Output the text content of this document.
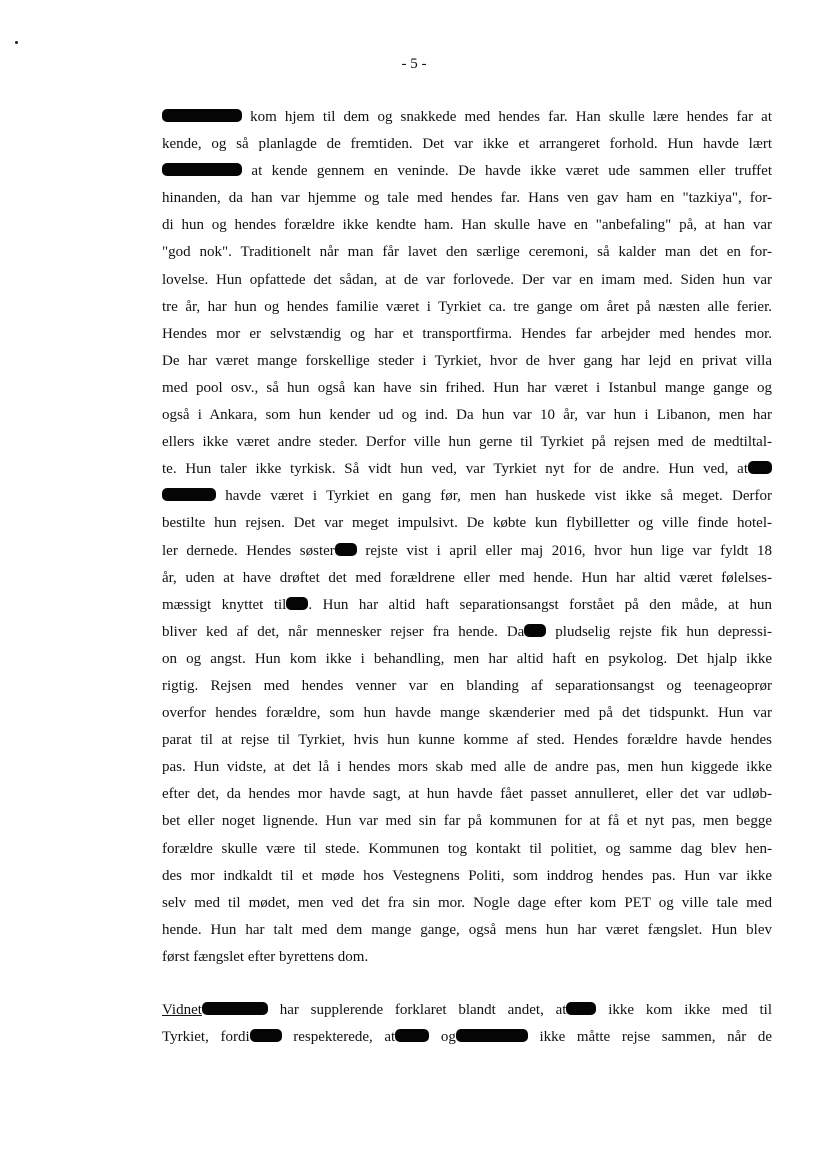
- 5 -
kom hjem til dem og snakkede med hendes far. Han skulle lære hendes far at
kende, og så planlagde de fremtiden. Det var ikke et arrangeret forhold. Hun havde lært
at kende gennem en veninde. De havde ikke været ude sammen eller truffet
hinanden, da han var hjemme og tale med hendes far. Hans ven gav ham en "tazkiya", for-
di hun og hendes forældre ikke kendte ham. Han skulle have en "anbefaling" på, at han var
"god nok". Traditionelt når man får lavet den særlige ceremoni, så kalder man det en for-
lovelse. Hun opfattede det sådan, at de var forlovede. Der var en imam med. Siden hun var
tre år, har hun og hendes familie været i Tyrkiet ca. tre gange om året på næsten alle ferier.
Hendes mor er selvstændig og har et transportfirma. Hendes far arbejder med hendes mor.
De har været mange forskellige steder i Tyrkiet, hvor de hver gang har lejd en privat villa
med pool osv., så hun også kan have sin frihed. Hun har været i Istanbul mange gange og
også i Ankara, som hun kender ud og ind. Da hun var 10 år, var hun i Libanon, men har
ellers ikke været andre steder. Derfor ville hun gerne til Tyrkiet på rejsen med de medtiltal-
te. Hun taler ikke tyrkisk. Så vidt hun ved, var Tyrkiet nyt for de andre. Hun ved, at
havde været i Tyrkiet en gang før, men han huskede vist ikke så meget. Derfor
bestilte hun rejsen. Det var meget impulsivt. De købte kun flybilletter og ville finde hotel-
ler dernede. Hendes søster rejste vist i april eller maj 2016, hvor hun lige var fyldt 18
år, uden at have drøftet det med forældrene eller med hende. Hun har altid været følelses-
mæssigt knyttet til . Hun har altid haft separationsangst forstået på den måde, at hun
bliver ked af det, når mennesker rejser fra hende. Da pludselig rejste fik hun depressi-
on og angst. Hun kom ikke i behandling, men har altid haft en psykolog. Det hjalp ikke
rigtig. Rejsen med hendes venner var en blanding af separationsangst og teenageoprør
overfor hendes forældre, som hun havde mange skænderier med på det tidspunkt. Hun var
parat til at rejse til Tyrkiet, hvis hun kunne komme af sted. Hendes forældre havde hendes
pas. Hun vidste, at det lå i hendes mors skab med alle de andre pas, men hun kiggede ikke
efter det, da hendes mor havde sagt, at hun havde fået passet annulleret, eller det var udløb-
bet eller noget lignende. Hun var med sin far på kommunen for at få et nyt pas, men begge
forældre skulle være til stede. Kommunen tog kontakt til politiet, og samme dag blev hen-
des mor indkaldt til et møde hos Vestegnens Politi, som inddrog hendes pas. Hun var ikke
selv med til mødet, men ved det fra sin mor. Nogle dage efter kom PET og ville tale med
hende. Hun har talt med dem mange gange, også mens hun har været fængslet. Hun blev
først fængslet efter byrettens dom.
Vidnet	har supplerende forklaret blandt andet, at ikke kom ikke med til
Tyrkiet, fordi respekterede, at og	ikke måtte rejse sammen, når de
